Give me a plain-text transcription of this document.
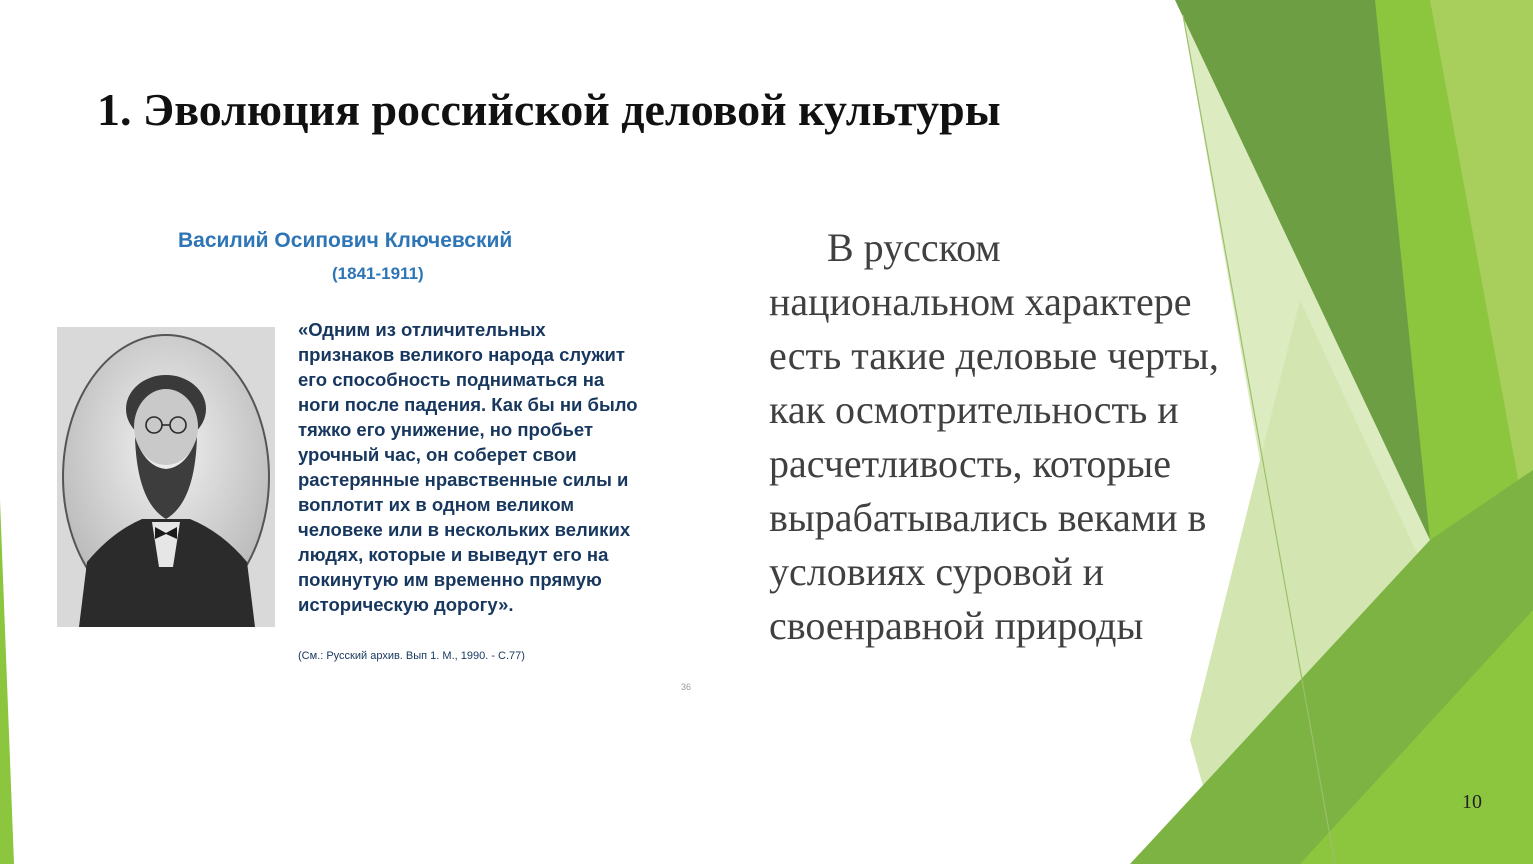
1. Эволюция российской деловой культуры

Василий Осипович Ключевский

(1841-1911)

«Одним из отличительных
признаков великого народа служит
его способность подниматься на
ноги после падения. Как бы ни было
тяжко его унижение, но пробьет
урочный час, он соберет свои
растерянные нравственные силы и
воплотит их в одном великом
человеке или в нескольких великих
людях, которые и выведут его на
покинутую им временно прямую
историческую дорогу».

(См.: Русский архив. Вып 1. М., 1990. - С.77)

36

В русском
национальном характере
есть такие деловые черты,
как осмотрительность и
расчетливость, которые
вырабатывались веками в
условиях суровой и
своенравной природы

10
